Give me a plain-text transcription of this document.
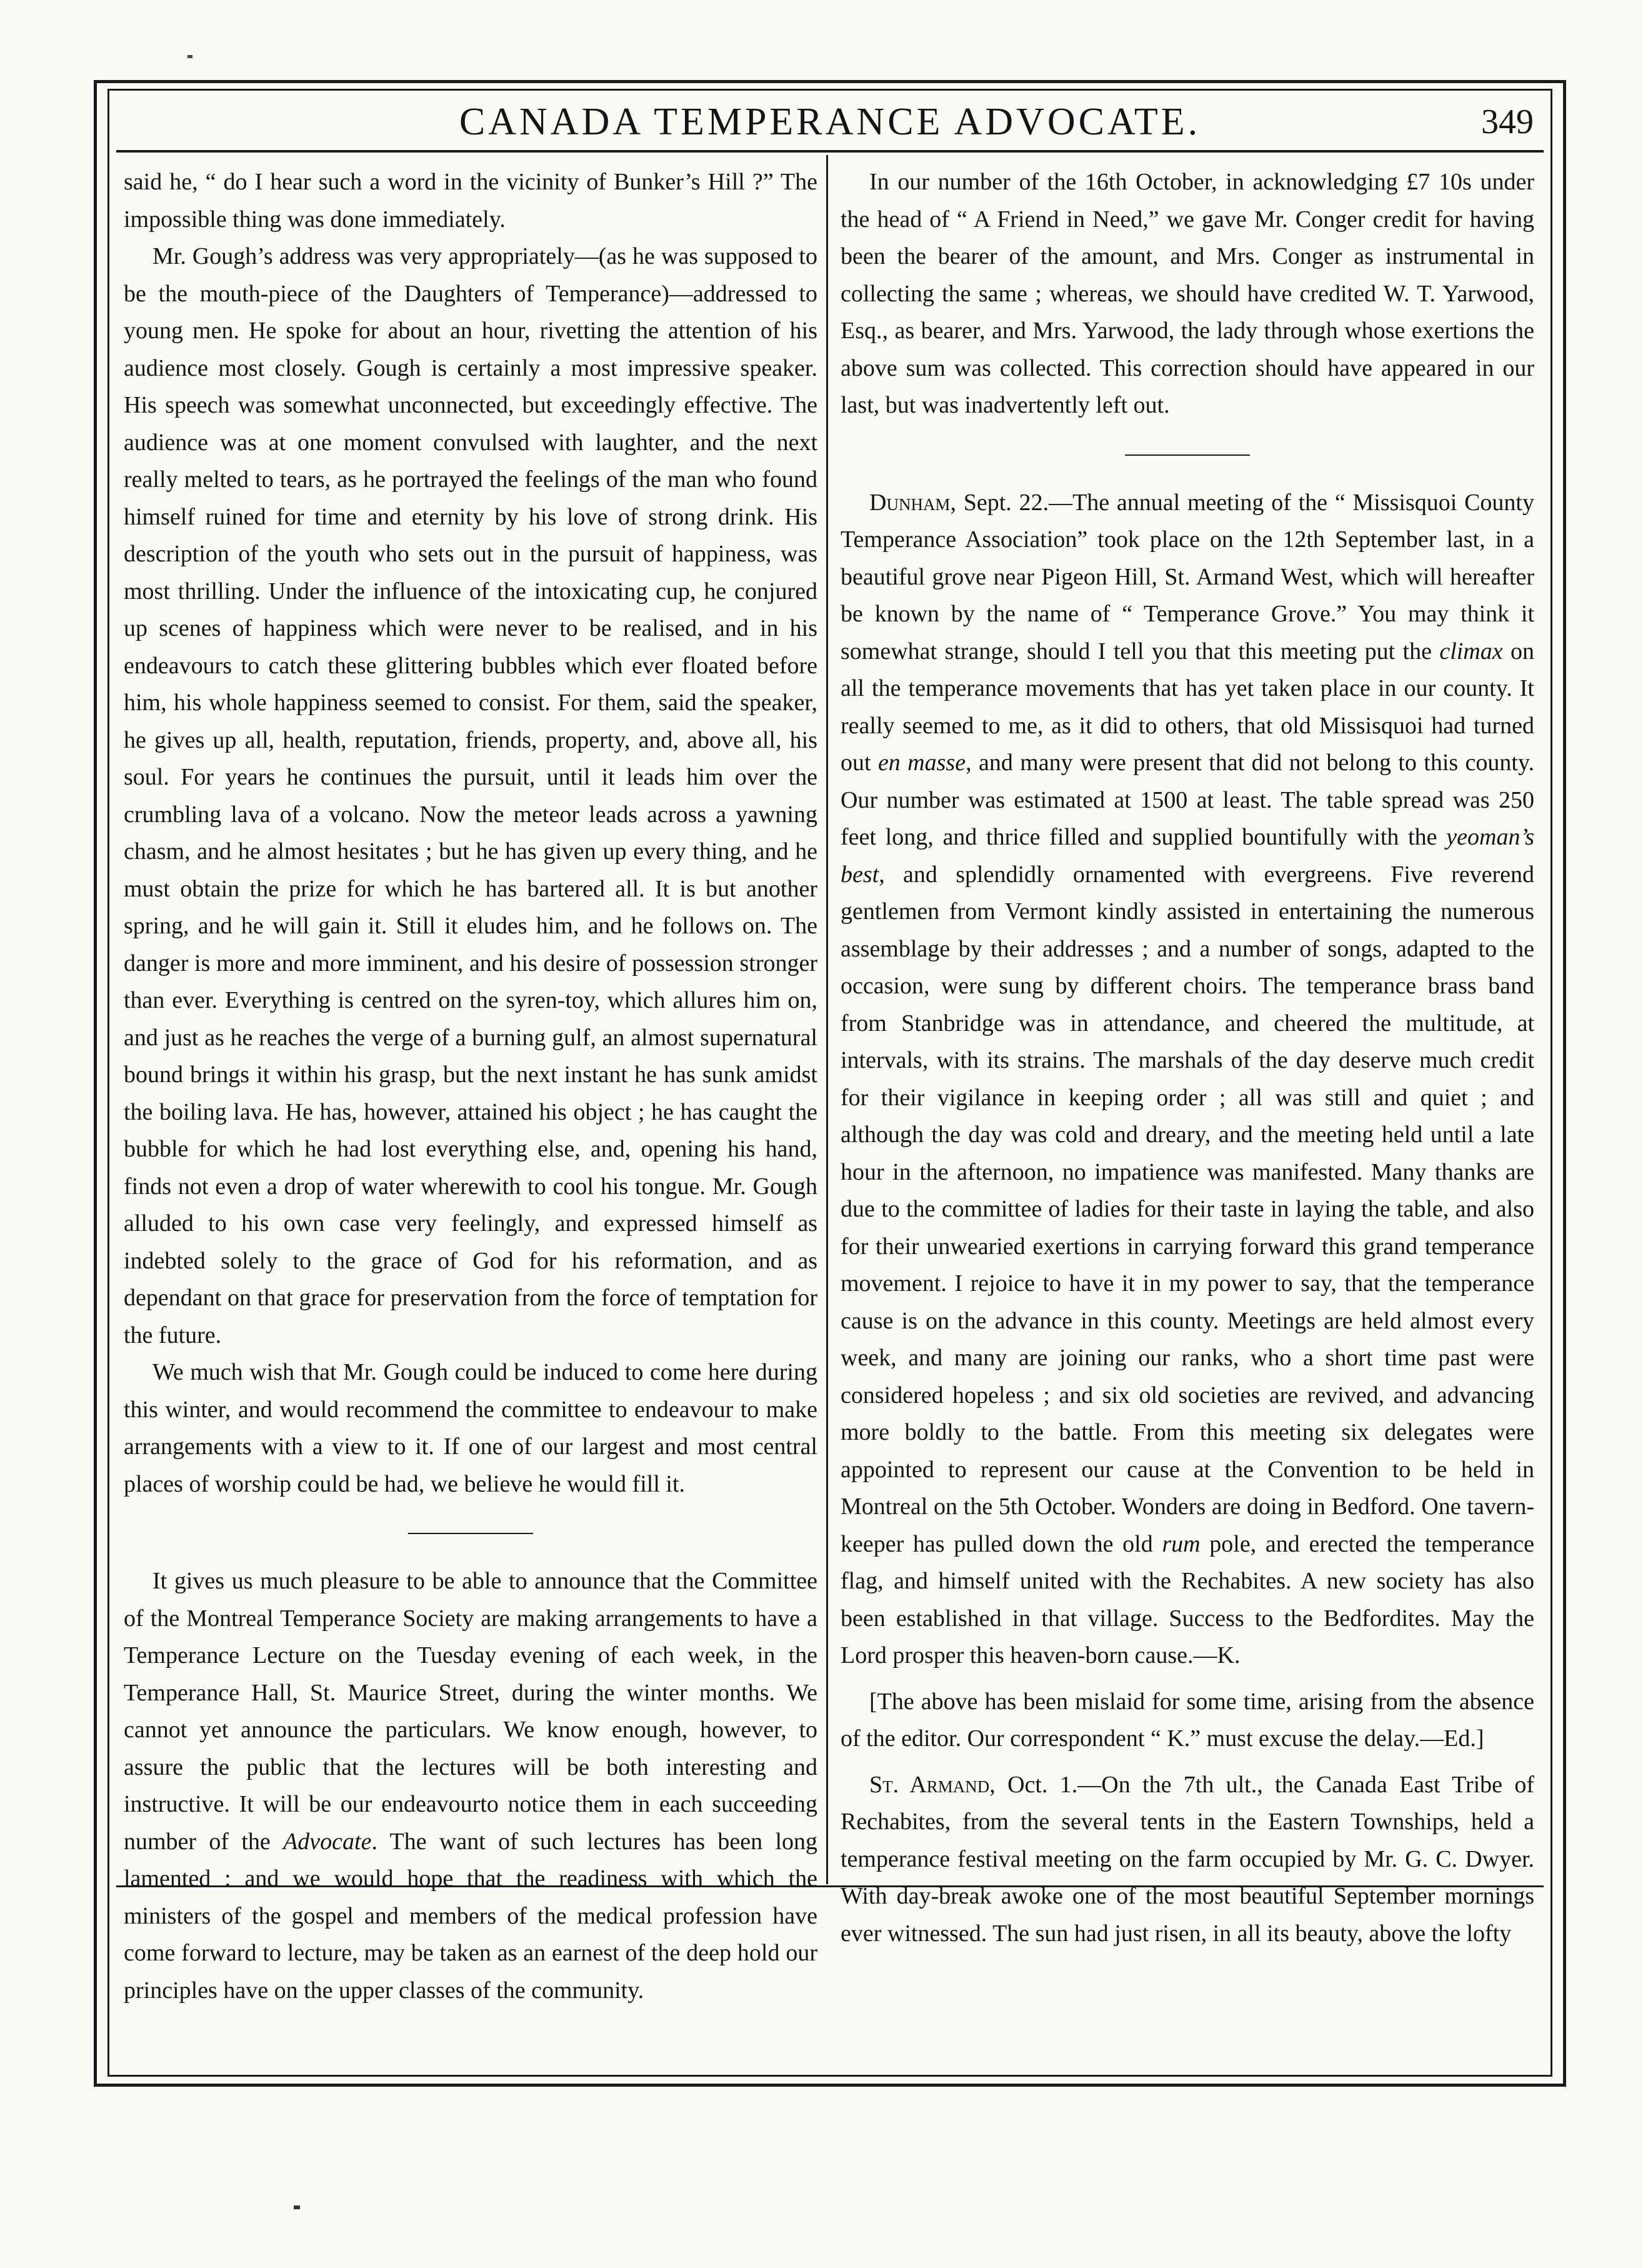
CANADA TEMPERANCE ADVOCATE.	349

said he, “ do I hear such a word in the vicinity of Bunker’s Hill ?” The impossible thing was done immediately.

Mr. Gough’s address was very appropriately—(as he was supposed to be the mouth-piece of the Daughters of Temperance)—addressed to young men. He spoke for about an hour, rivetting the attention of his audience most closely. Gough is certainly a most impressive speaker. His speech was somewhat unconnected, but exceedingly effective. The audience was at one moment convulsed with laughter, and the next really melted to tears, as he portrayed the feelings of the man who found himself ruined for time and eternity by his love of strong drink. His description of the youth who sets out in the pursuit of happiness, was most thrilling. Under the influence of the intoxicating cup, he conjured up scenes of happiness which were never to be realised, and in his endeavours to catch these glittering bubbles which ever floated before him, his whole happiness seemed to consist. For them, said the speaker, he gives up all, health, reputation, friends, property, and, above all, his soul. For years he continues the pursuit, until it leads him over the crumbling lava of a volcano. Now the meteor leads across a yawning chasm, and he almost hesitates ; but he has given up every thing, and he must obtain the prize for which he has bartered all. It is but another spring, and he will gain it. Still it eludes him, and he follows on. The danger is more and more imminent, and his desire of possession stronger than ever. Everything is centred on the syren-toy, which allures him on, and just as he reaches the verge of a burning gulf, an almost supernatural bound brings it within his grasp, but the next instant he has sunk amidst the boiling lava. He has, however, attained his object ; he has caught the bubble for which he had lost everything else, and, opening his hand, finds not even a drop of water wherewith to cool his tongue. Mr. Gough alluded to his own case very feelingly, and expressed himself as indebted solely to the grace of God for his reformation, and as dependant on that grace for preservation from the force of temptation for the future.

We much wish that Mr. Gough could be induced to come here during this winter, and would recommend the committee to endeavour to make arrangements with a view to it. If one of our largest and most central places of worship could be had, we believe he would fill it.

It gives us much pleasure to be able to announce that the Committee of the Montreal Temperance Society are making arrangements to have a Temperance Lecture on the Tuesday evening of each week, in the Temperance Hall, St. Maurice Street, during the winter months. We cannot yet announce the particulars. We know enough, however, to assure the public that the lectures will be both interesting and instructive. It will be our endeavourto notice them in each succeeding number of the Advocate. The want of such lectures has been long lamented : and we would hope that the readiness with which the ministers of the gospel and members of the medical profession have come forward to lecture, may be taken as an earnest of the deep hold our principles have on the upper classes of the community.

In our number of the 16th October, in acknowledging £7 10s under the head of “ A Friend in Need,” we gave Mr. Conger credit for having been the bearer of the amount, and Mrs. Conger as instrumental in collecting the same ; whereas, we should have credited W. T. Yarwood, Esq., as bearer, and Mrs. Yarwood, the lady through whose exertions the above sum was collected. This correction should have appeared in our last, but was inadvertently left out.

Dunham, Sept. 22.—The annual meeting of the “ Missisquoi County Temperance Association” took place on the 12th September last, in a beautiful grove near Pigeon Hill, St. Armand West, which will hereafter be known by the name of “ Temperance Grove.” You may think it somewhat strange, should I tell you that this meeting put the climax on all the temperance movements that has yet taken place in our county. It really seemed to me, as it did to others, that old Missisquoi had turned out en masse, and many were present that did not belong to this county. Our number was estimated at 1500 at least. The table spread was 250 feet long, and thrice filled and supplied bountifully with the yeoman’s best, and splendidly ornamented with evergreens. Five reverend gentlemen from Vermont kindly assisted in entertaining the numerous assemblage by their addresses ; and a number of songs, adapted to the occasion, were sung by different choirs. The temperance brass band from Stanbridge was in attendance, and cheered the multitude, at intervals, with its strains. The marshals of the day deserve much credit for their vigilance in keeping order ; all was still and quiet ; and although the day was cold and dreary, and the meeting held until a late hour in the afternoon, no impatience was manifested. Many thanks are due to the committee of ladies for their taste in laying the table, and also for their unwearied exertions in carrying forward this grand temperance movement. I rejoice to have it in my power to say, that the temperance cause is on the advance in this county. Meetings are held almost every week, and many are joining our ranks, who a short time past were considered hopeless ; and six old societies are revived, and advancing more boldly to the battle. From this meeting six delegates were appointed to represent our cause at the Convention to be held in Montreal on the 5th October. Wonders are doing in Bedford. One tavern-keeper has pulled down the old rum pole, and erected the temperance flag, and himself united with the Rechabites. A new society has also been established in that village. Success to the Bedfordites. May the Lord prosper this heaven-born cause.—K.

[The above has been mislaid for some time, arising from the absence of the editor. Our correspondent “ K.” must excuse the delay.—Ed.]

St. Armand, Oct. 1.—On the 7th ult., the Canada East Tribe of Rechabites, from the several tents in the Eastern Townships, held a temperance festival meeting on the farm occupied by Mr. G. C. Dwyer. With day-break awoke one of the most beautiful September mornings ever witnessed. The sun had just risen, in all its beauty, above the lofty
